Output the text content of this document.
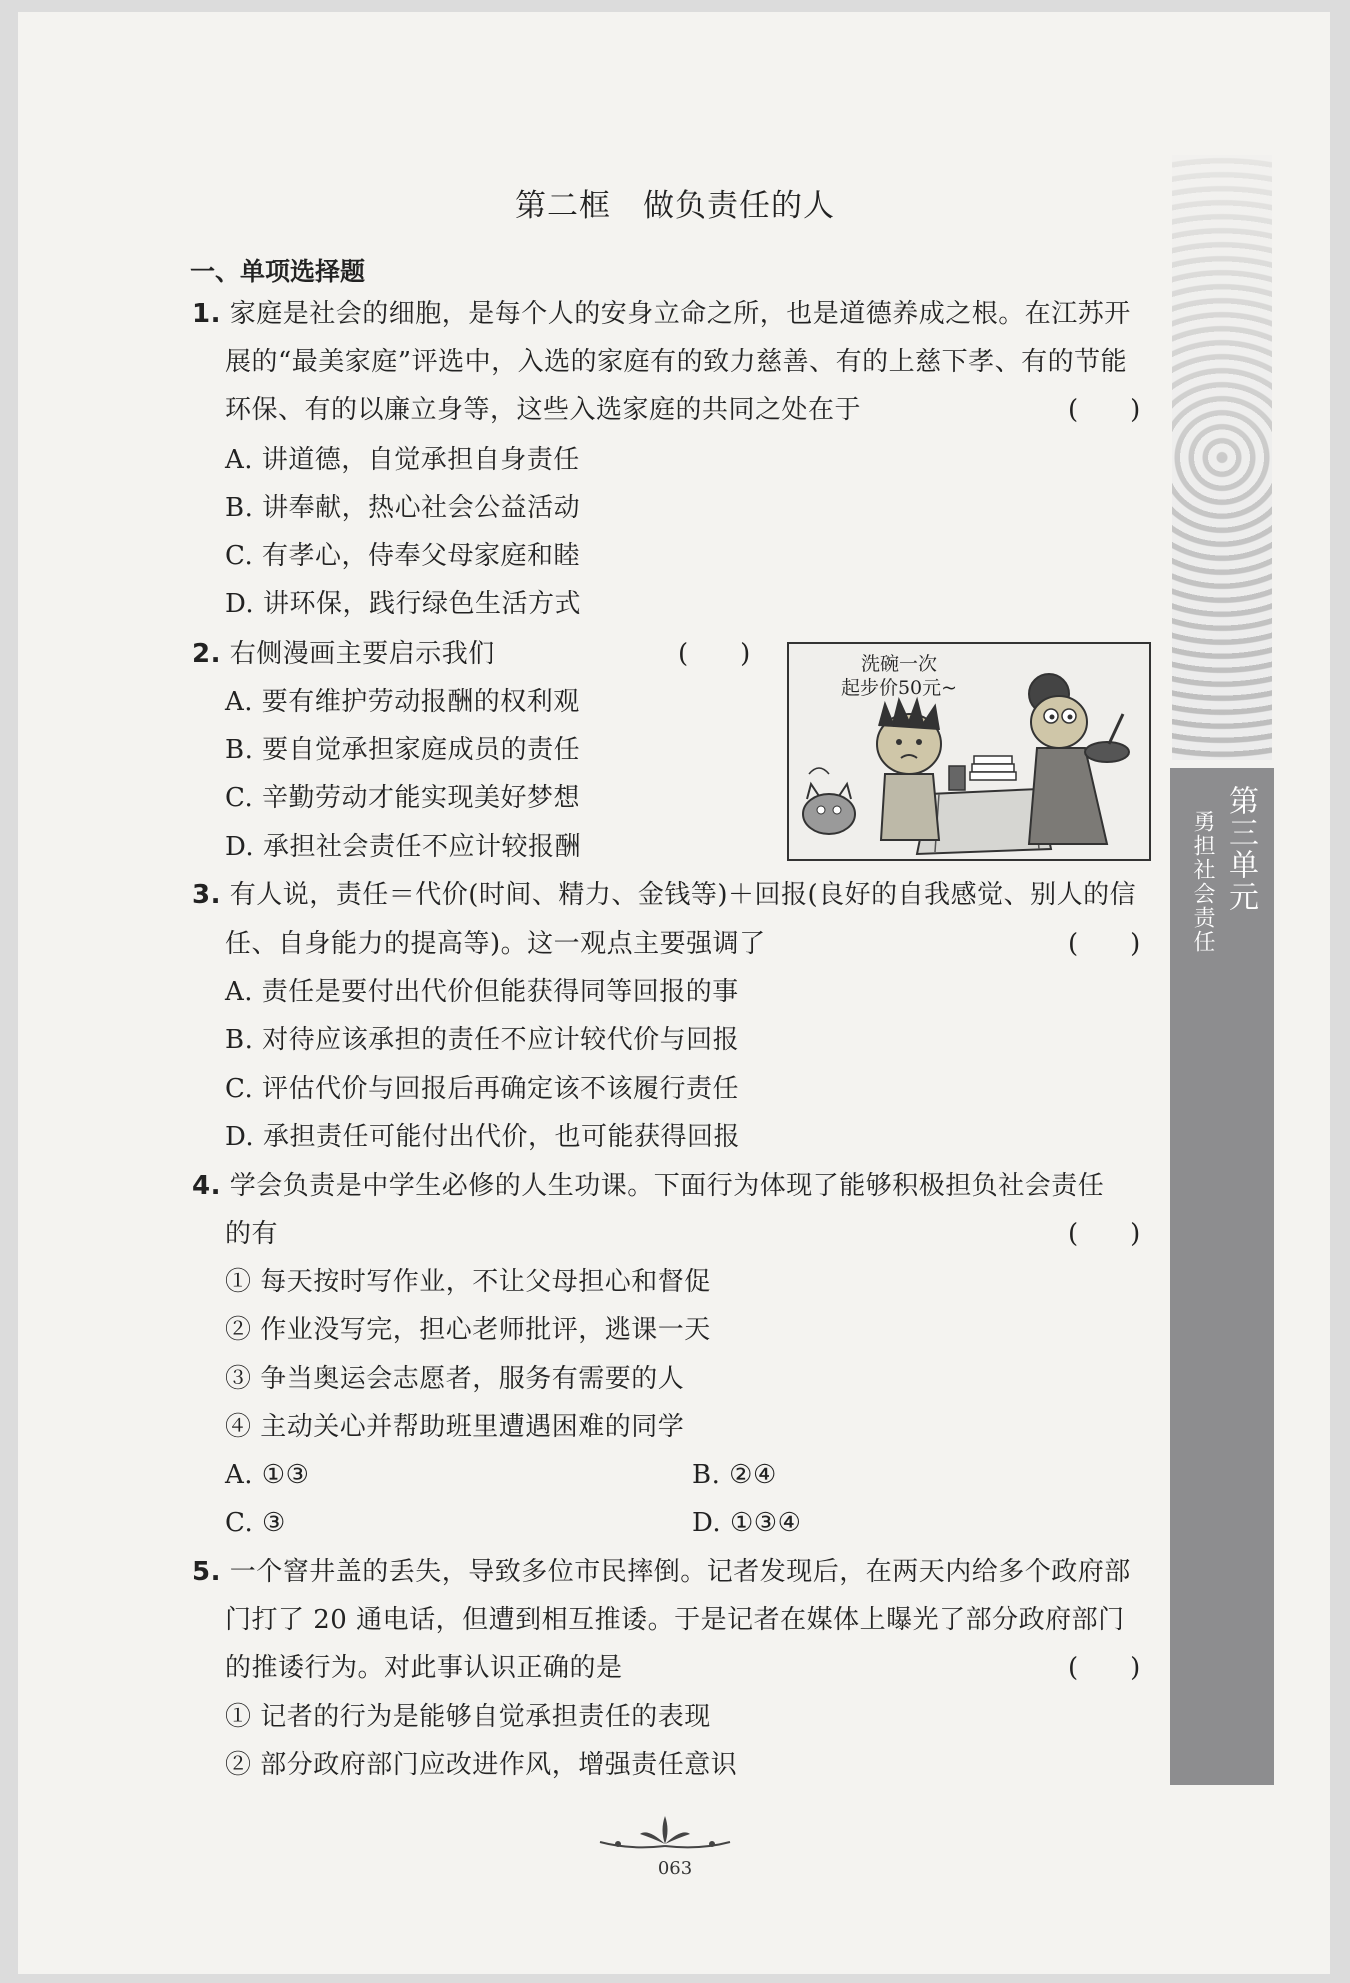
第三单元
勇担社会责任
第二框　做负责任的人
一、单项选择题
1. 家庭是社会的细胞，是每个人的安身立命之所，也是道德养成之根。在江苏开
展的“最美家庭”评选中，入选的家庭有的致力慈善、有的上慈下孝、有的节能
环保、有的以廉立身等，这些入选家庭的共同之处在于	(　　)
A. 讲道德，自觉承担自身责任
B. 讲奉献，热心社会公益活动
C. 有孝心，侍奉父母家庭和睦
D. 讲环保，践行绿色生活方式
2. 右侧漫画主要启示我们	(　　)
A. 要有维护劳动报酬的权利观
B. 要自觉承担家庭成员的责任
C. 辛勤劳动才能实现美好梦想
D. 承担社会责任不应计较报酬
洗碗一次
起步价50元~
3. 有人说，责任＝代价(时间、精力、金钱等)＋回报(良好的自我感觉、别人的信
任、自身能力的提高等)。这一观点主要强调了	(　　)
A. 责任是要付出代价但能获得同等回报的事
B. 对待应该承担的责任不应计较代价与回报
C. 评估代价与回报后再确定该不该履行责任
D. 承担责任可能付出代价，也可能获得回报
4. 学会负责是中学生必修的人生功课。下面行为体现了能够积极担负社会责任
的有	(　　)
① 每天按时写作业，不让父母担心和督促
② 作业没写完，担心老师批评，逃课一天
③ 争当奥运会志愿者，服务有需要的人
④ 主动关心并帮助班里遭遇困难的同学
A. ①③	B. ②④
C. ③	D. ①③④
5. 一个窨井盖的丢失，导致多位市民摔倒。记者发现后，在两天内给多个政府部
门打了 20 通电话，但遭到相互推诿。于是记者在媒体上曝光了部分政府部门
的推诿行为。对此事认识正确的是	(　　)
① 记者的行为是能够自觉承担责任的表现
② 部分政府部门应改进作风，增强责任意识
063
